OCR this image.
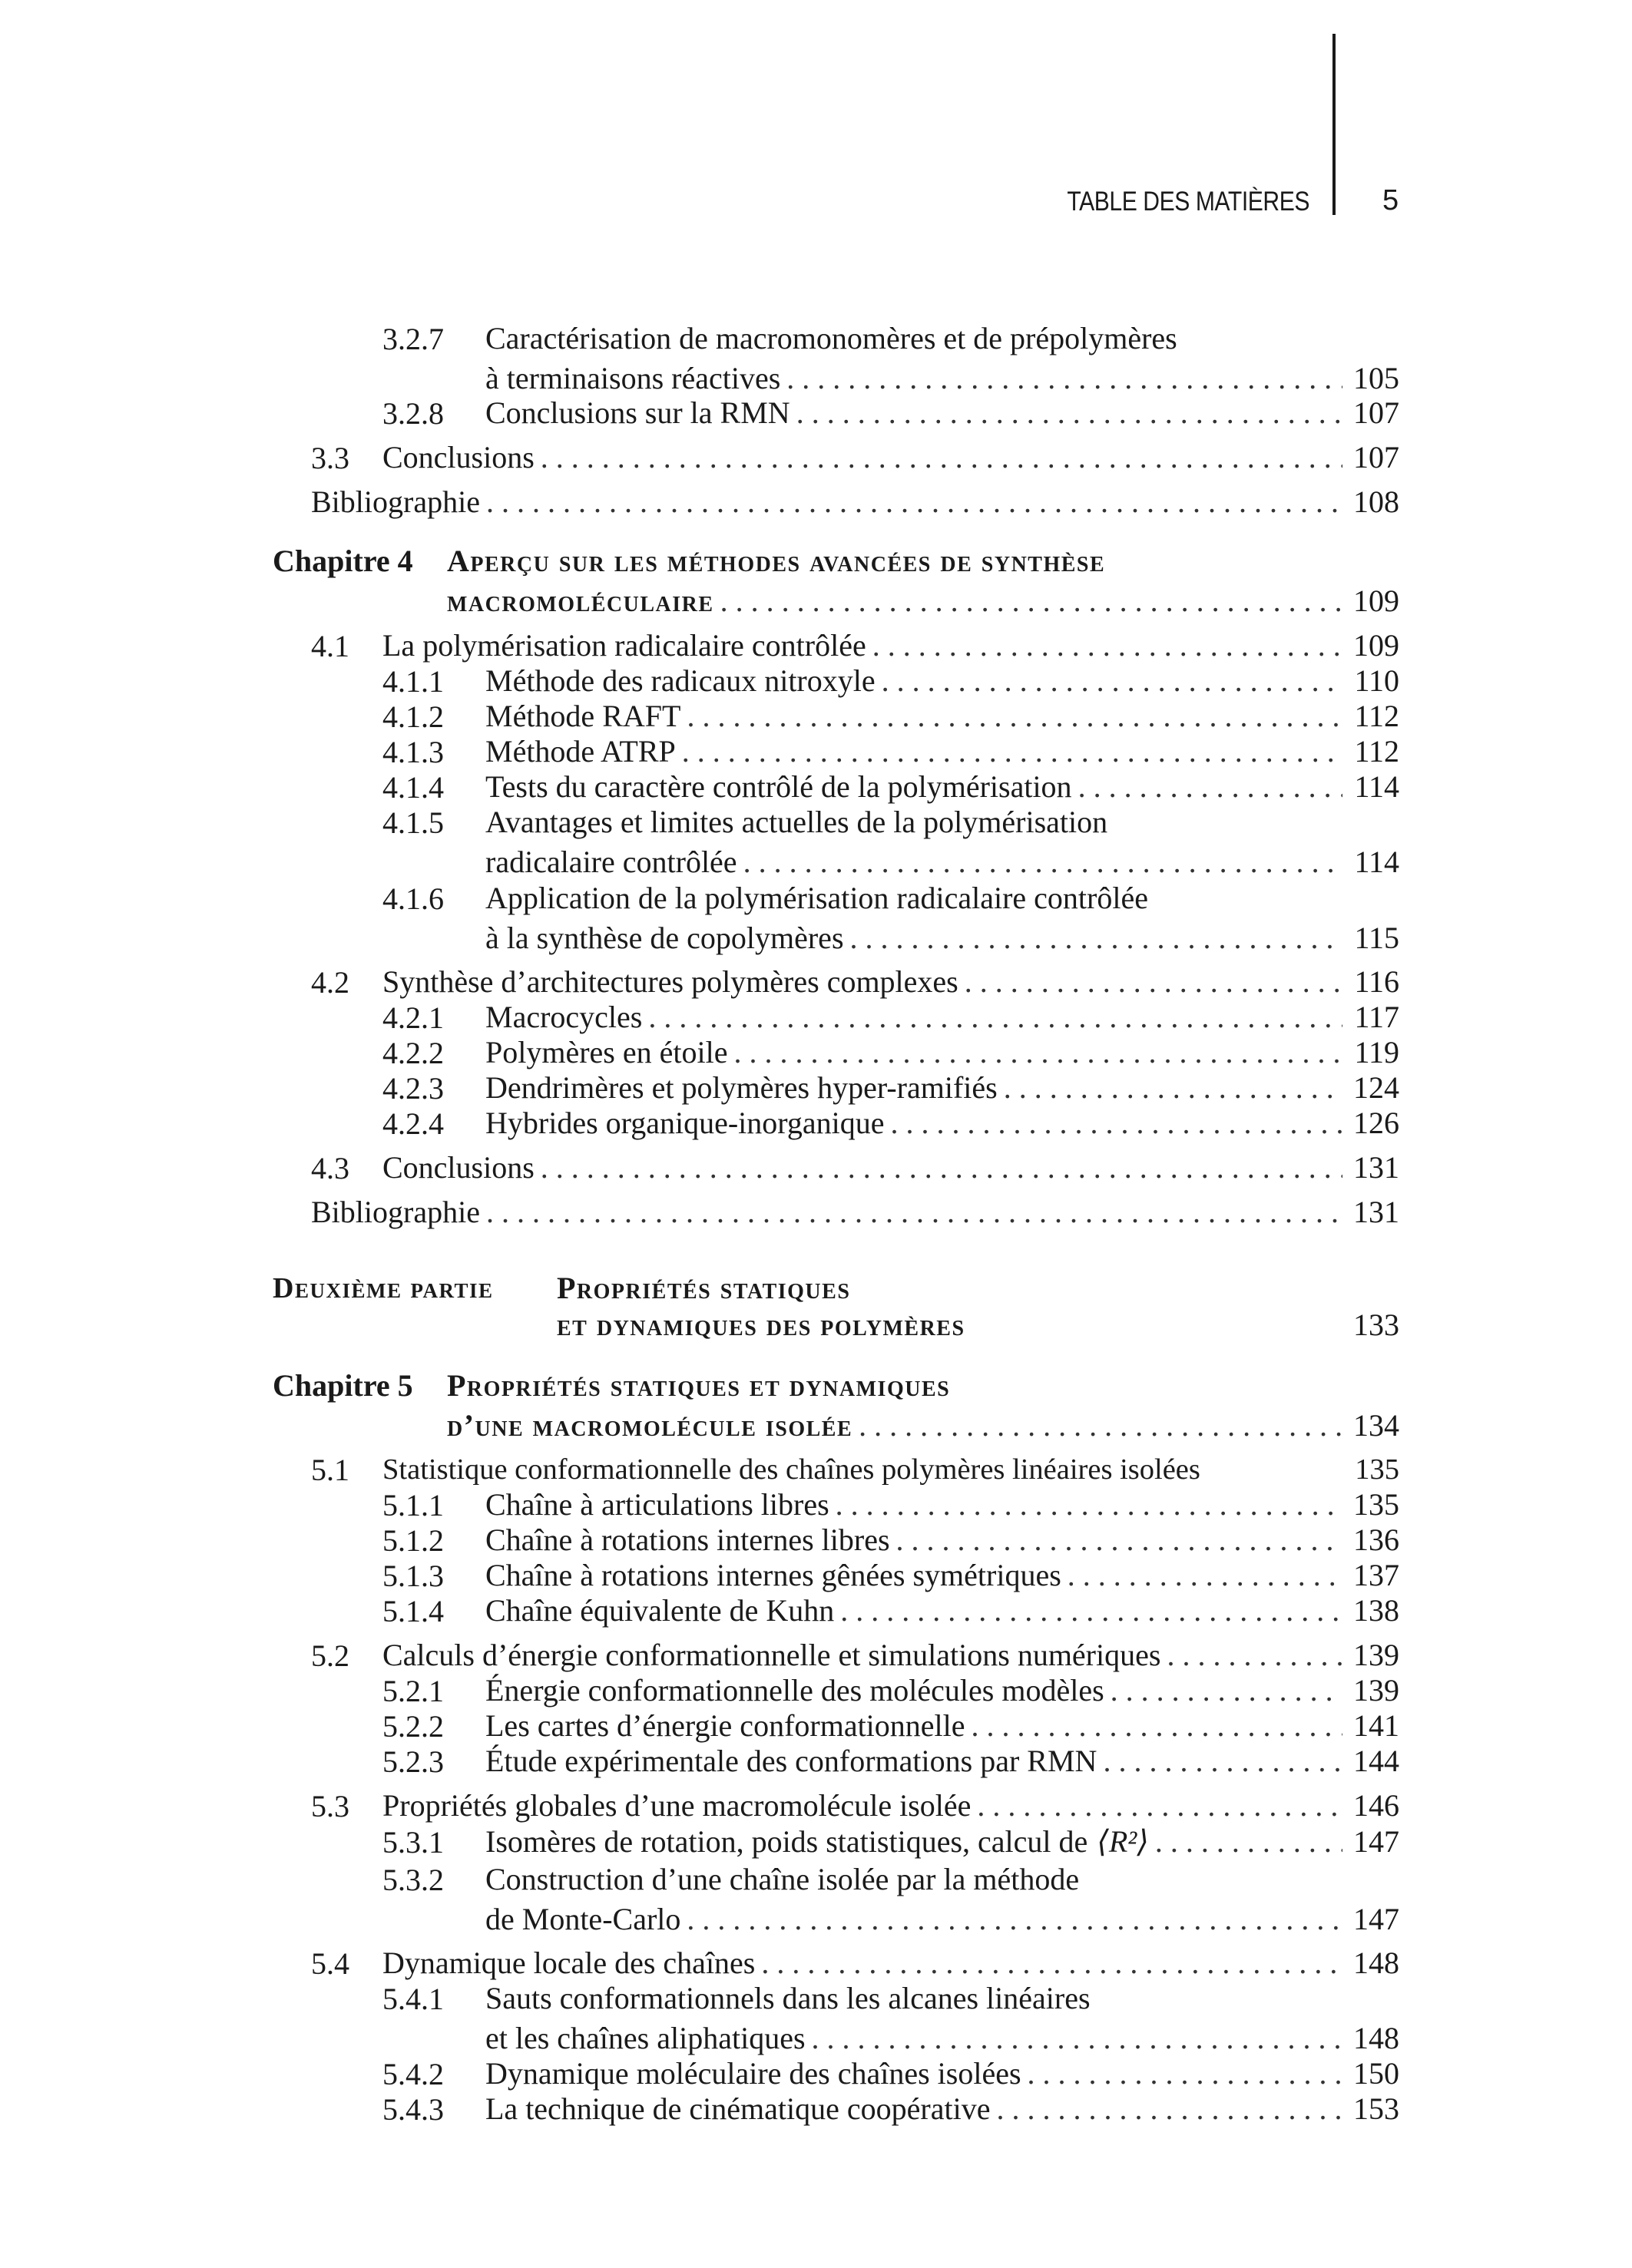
TABLE DES MATIÈRES	5
3.2.7 Caractérisation de macromonomères et de prépolymères
à terminaisons réactives . . .	105
3.2.8 Conclusions sur la RMN . . .	107
3.3 Conclusions . . .	107
Bibliographie . . .	108
Chapitre 4 Aperçu sur les méthodes avancées de synthèse
macromoléculaire . . .	109
4.1 La polymérisation radicalaire contrôlée . . .	109
4.1.1 Méthode des radicaux nitroxyle . . .	110
4.1.2 Méthode RAFT . . .	112
4.1.3 Méthode ATRP . . .	112
4.1.4 Tests du caractère contrôlé de la polymérisation . . .	114
4.1.5 Avantages et limites actuelles de la polymérisation
radicalaire contrôlée . . .	114
4.1.6 Application de la polymérisation radicalaire contrôlée
à la synthèse de copolymères . . .	115
4.2 Synthèse d’architectures polymères complexes . . .	116
4.2.1 Macrocycles . . .	117
4.2.2 Polymères en étoile . . .	119
4.2.3 Dendrimères et polymères hyper-ramifiés . . .	124
4.2.4 Hybrides organique-inorganique . . .	126
4.3 Conclusions . . .	131
Bibliographie . . .	131
Deuxième partie Propriétés statiques
et dynamiques des polymères	133
Chapitre 5 Propriétés statiques et dynamiques
d’une macromolécule isolée . . .	134
5.1 Statistique conformationnelle des chaînes polymères linéaires isolées	135
5.1.1 Chaîne à articulations libres . . .	135
5.1.2 Chaîne à rotations internes libres . . .	136
5.1.3 Chaîne à rotations internes gênées symétriques . . .	137
5.1.4 Chaîne équivalente de Kuhn . . .	138
5.2 Calculs d’énergie conformationnelle et simulations numériques . . .	139
5.2.1 Énergie conformationnelle des molécules modèles . . .	139
5.2.2 Les cartes d’énergie conformationnelle . . .	141
5.2.3 Étude expérimentale des conformations par RMN . . .	144
5.3 Propriétés globales d’une macromolécule isolée . . .	146
5.3.1 Isomères de rotation, poids statistiques, calcul de ⟨R²⟩ . . .	147
5.3.2 Construction d’une chaîne isolée par la méthode
de Monte-Carlo . . .	147
5.4 Dynamique locale des chaînes . . .	148
5.4.1 Sauts conformationnels dans les alcanes linéaires
et les chaînes aliphatiques . . .	148
5.4.2 Dynamique moléculaire des chaînes isolées . . .	150
5.4.3 La technique de cinématique coopérative . . .	153
